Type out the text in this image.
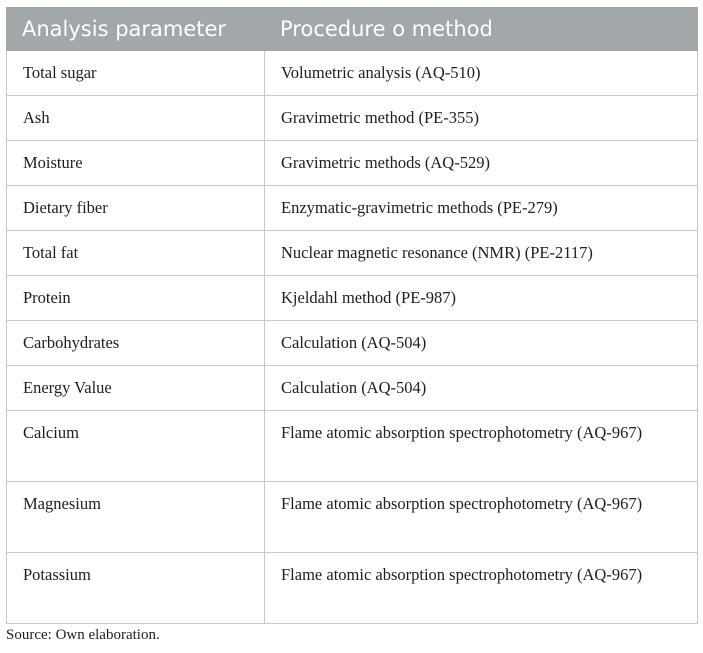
Analysis parameter	Procedure o method
Total sugar	Volumetric analysis (AQ-510)
Ash	Gravimetric method (PE-355)
Moisture	Gravimetric methods (AQ-529)
Dietary fiber	Enzymatic-gravimetric methods (PE-279)
Total fat	Nuclear magnetic resonance (NMR) (PE-2117)
Protein	Kjeldahl method (PE-987)
Carbohydrates	Calculation (AQ-504)
Energy Value	Calculation (AQ-504)
Calcium	Flame atomic absorption spectrophotometry (AQ-967)
Magnesium	Flame atomic absorption spectrophotometry (AQ-967)
Potassium	Flame atomic absorption spectrophotometry (AQ-967)
Source: Own elaboration.
